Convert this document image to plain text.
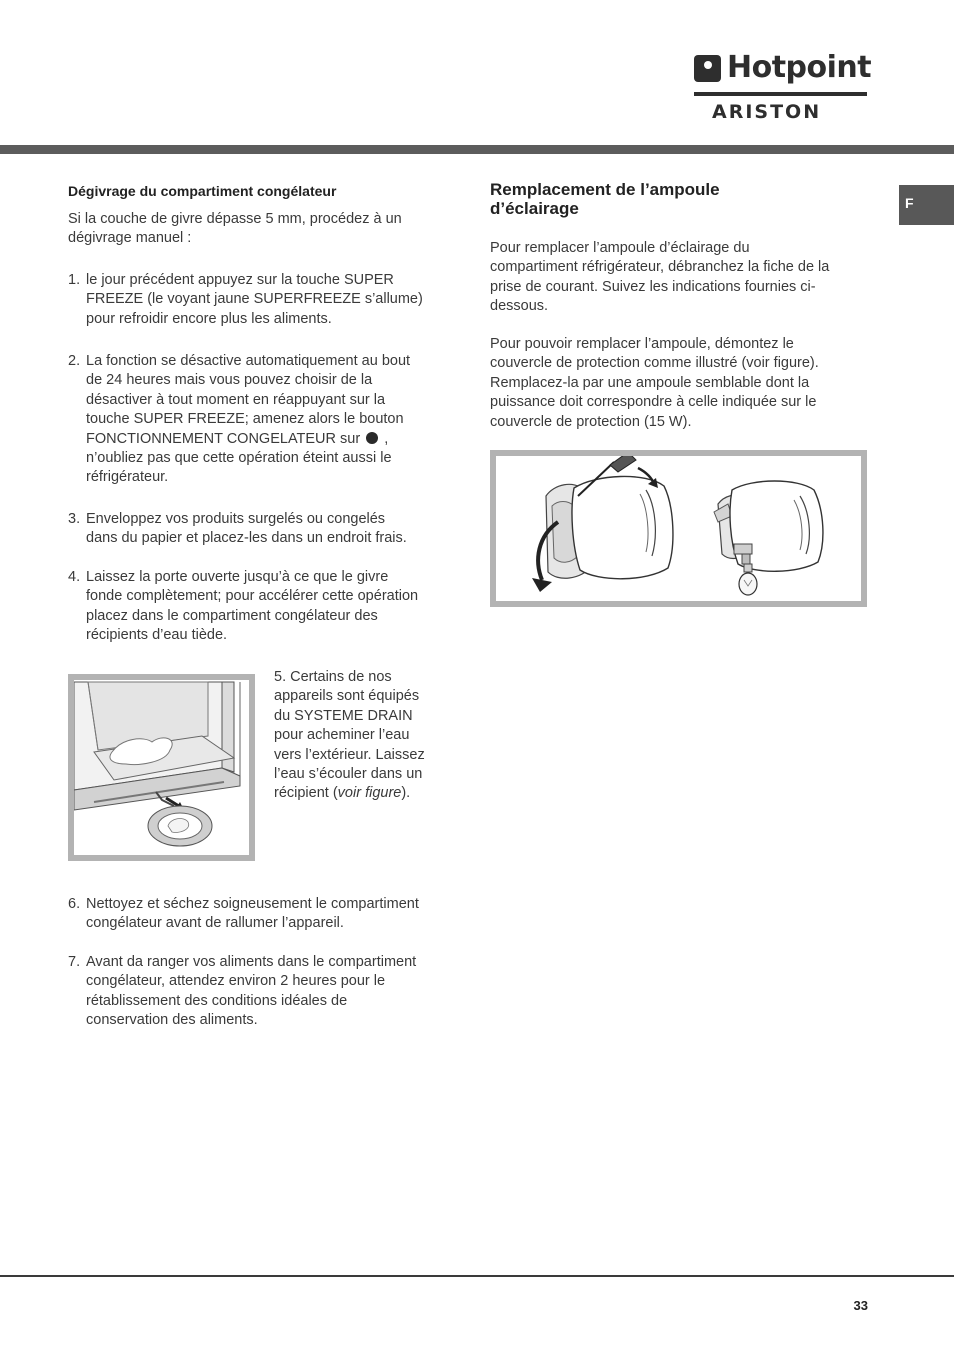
Hotpoint
ARISTON
F
Dégivrage du compartiment congélateur
Si la couche de givre dépasse 5 mm, procédez à un
dégivrage manuel :
1. le jour précédent appuyez sur la touche SUPER
FREEZE (le voyant jaune SUPERFREEZE s’allume)
pour refroidir encore plus les aliments.
2. La fonction se désactive automatiquement au bout
de 24 heures mais vous pouvez choisir de la
désactiver à tout moment en réappuyant sur la
touche SUPER FREEZE; amenez alors le bouton
FONCTIONNEMENT CONGELATEUR sur  ,
n’oubliez pas que cette opération éteint aussi le
réfrigérateur.
3. Enveloppez vos produits surgelés ou congelés
dans du papier et placez-les dans un endroit frais.
4. Laissez la porte ouverte jusqu’à ce que le givre
fonde complètement; pour accélérer cette opération
placez dans le compartiment congélateur des
récipients d’eau tiède.
5. Certains de nos
appareils sont équipés
du SYSTEME DRAIN
pour acheminer l’eau
vers l’extérieur. Laissez
l’eau s’écouler dans un
récipient (voir figure).
6. Nettoyez et séchez soigneusement le compartiment
congélateur avant de rallumer l’appareil.
7. Avant da ranger vos aliments dans le compartiment
congélateur, attendez environ 2 heures pour le
rétablissement des conditions idéales de
conservation des aliments.
Remplacement de l’ampoule
d’éclairage
Pour remplacer l’ampoule d’éclairage du
compartiment réfrigérateur, débranchez la fiche de la
prise de courant. Suivez les indications fournies ci-
dessous.
Pour pouvoir remplacer l’ampoule, démontez le
couvercle de protection comme illustré (voir figure).
Remplacez-la par une ampoule semblable dont la
puissance doit correspondre à celle indiquée sur le
couvercle de protection (15 W).
33
